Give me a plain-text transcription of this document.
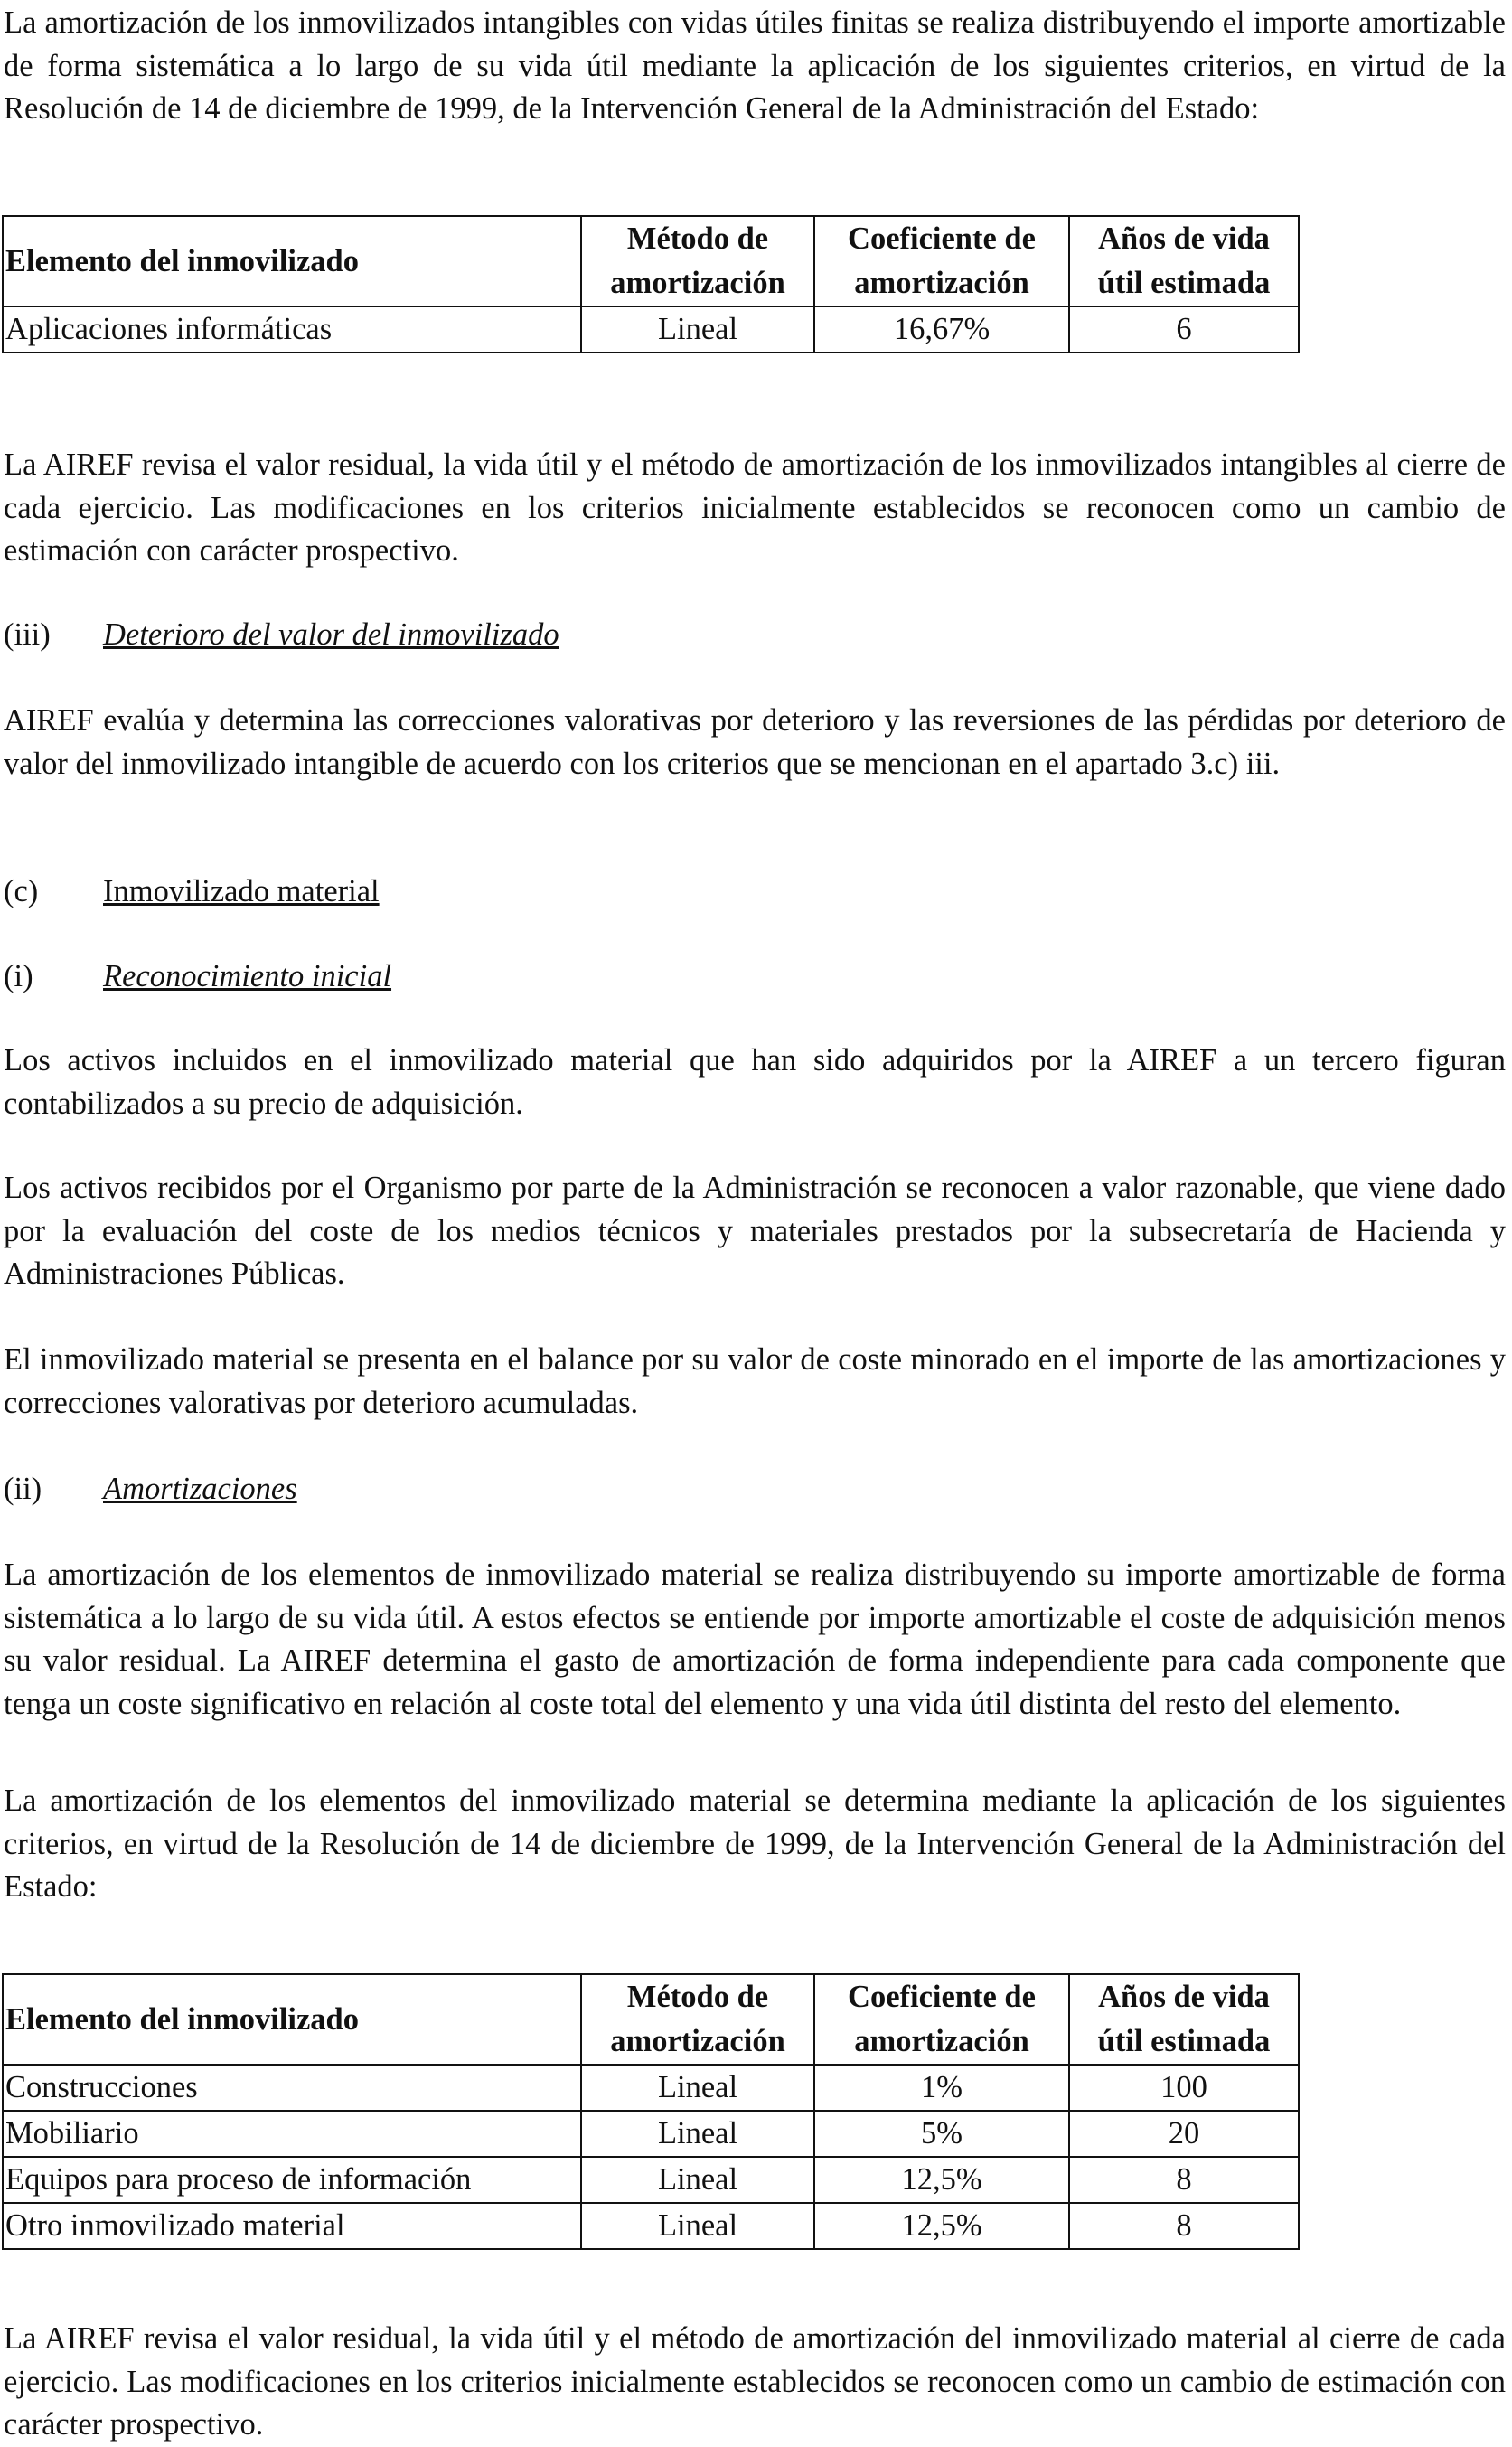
La amortización de los inmovilizados intangibles con vidas útiles finitas se realiza distribuyendo el importe amortizable de forma sistemática a lo largo de su vida útil mediante la aplicación de los siguientes criterios, en virtud de la Resolución de 14 de diciembre de 1999, de la Intervención General de la Administración del Estado:

Elemento del inmovilizado	Método de amortización	Coeficiente de amortización	Años de vida útil estimada
Aplicaciones informáticas	Lineal	16,67%	6

La AIREF revisa el valor residual, la vida útil y el método de amortización de los inmovilizados intangibles al cierre de cada ejercicio. Las modificaciones en los criterios inicialmente establecidos se reconocen como un cambio de estimación con carácter prospectivo.

(iii) Deterioro del valor del inmovilizado

AIREF evalúa y determina las correcciones valorativas por deterioro y las reversiones de las pérdidas por deterioro de valor del inmovilizado intangible de acuerdo con los criterios que se mencionan en el apartado 3.c) iii.

(c) Inmovilizado material
(i) Reconocimiento inicial

Los activos incluidos en el inmovilizado material que han sido adquiridos por la AIREF a un tercero figuran contabilizados a su precio de adquisición.

Los activos recibidos por el Organismo por parte de la Administración se reconocen a valor razonable, que viene dado por la evaluación del coste de los medios técnicos y materiales prestados por la subsecretaría de Hacienda y Administraciones Públicas.

El inmovilizado material se presenta en el balance por su valor de coste minorado en el importe de las amortizaciones y correcciones valorativas por deterioro acumuladas.

(ii) Amortizaciones

La amortización de los elementos de inmovilizado material se realiza distribuyendo su importe amortizable de forma sistemática a lo largo de su vida útil. A estos efectos se entiende por importe amortizable el coste de adquisición menos su valor residual. La AIREF determina el gasto de amortización de forma independiente para cada componente que tenga un coste significativo en relación al coste total del elemento y una vida útil distinta del resto del elemento.

La amortización de los elementos del inmovilizado material se determina mediante la aplicación de los siguientes criterios, en virtud de la Resolución de 14 de diciembre de 1999, de la Intervención General de la Administración del Estado:

Elemento del inmovilizado	Método de amortización	Coeficiente de amortización	Años de vida útil estimada
Construcciones	Lineal	1%	100
Mobiliario	Lineal	5%	20
Equipos para proceso de información	Lineal	12,5%	8
Otro inmovilizado material	Lineal	12,5%	8

La AIREF revisa el valor residual, la vida útil y el método de amortización del inmovilizado material al cierre de cada ejercicio. Las modificaciones en los criterios inicialmente establecidos se reconocen como un cambio de estimación con carácter prospectivo.
